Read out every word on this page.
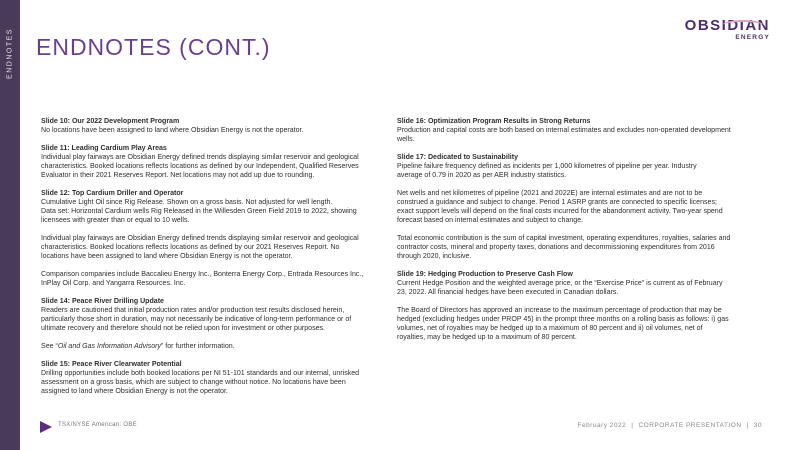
ENDNOTES ENDNOTES (CONT.)
OBSIDIAN
ENERGY

Slide 10: Our 2022 Development Program
No locations have been assigned to land where Obsidian Energy is not the operator.

Slide 11: Leading Cardium Play Areas
Individual play fairways are Obsidian Energy defined trends displaying similar reservoir and geological
characteristics. Booked locations reflects locations as defined by our Independent, Qualified Reserves
Evaluator in their 2021 Reserves Report. Net locations may not add up due to rounding.

Slide 12: Top Cardium Driller and Operator
Cumulative Light Oil since Rig Release. Shown on a gross basis. Not adjusted for well length.
Data set: Horizontal Cardium wells Rig Released in the Willesden Green Field 2019 to 2022, showing
licensees with greater than or equal to 10 wells.

Individual play fairways are Obsidian Energy defined trends displaying similar reservoir and geological
characteristics. Booked locations reflects locations as defined by our 2021 Reserves Report. No
locations have been assigned to land where Obsidian Energy is not the operator.

Comparison companies include Baccalieu Energy Inc., Bonterra Energy Corp., Entrada Resources Inc.,
InPlay Oil Corp. and Yangarra Resources. Inc.

Slide 14: Peace River Drilling Update
Readers are cautioned that initial production rates and/or production test results disclosed herein,
particularly those short in duration, may not necessarily be indicative of long-term performance or of
ultimate recovery and therefore should not be relied upon for investment or other purposes.

See “Oil and Gas Information Advisory” for further information.

Slide 15: Peace River Clearwater Potential
Drilling opportunities include both booked locations per NI 51-101 standards and our internal, unrisked
assessment on a gross basis, which are subject to change without notice. No locations have been
assigned to land where Obsidian Energy is not the operator.

Slide 16: Optimization Program Results in Strong Returns
Production and capital costs are both based on internal estimates and excludes non-operated development
wells.

Slide 17: Dedicated to Sustainability
Pipeline failure frequency defined as incidents per 1,000 kilometres of pipeline per year. Industry
average of 0.79 in 2020 as per AER industry statistics.

Net wells and net kilometres of pipeline (2021 and 2022E) are internal estimates and are not to be
construed a guidance and subject to change. Period 1 ASRP grants are connected to specific licenses;
exact support levels will depend on the final costs incurred for the abandonment activity. Two-year spend
forecast based on internal estimates and subject to change.

Total economic contribution is the sum of capital investment, operating expenditures, royalties, salaries and
contractor costs, mineral and property taxes, donations and decommissioning expenditures from 2016
through 2020, inclusive.

Slide 19: Hedging Production to Preserve Cash Flow
Current Hedge Position and the weighted average price, or the “Exercise Price” is current as of February
23, 2022. All financial hedges have been executed in Canadian dollars.

The Board of Directors has approved an increase to the maximum percentage of production that may be
hedged (excluding hedges under PROP 45) in the prompt three months on a rolling basis as follows: i) gas
volumes, net of royalties may be hedged up to a maximum of 80 percent and ii) oil volumes, net of
royalties, may be hedged up to a maximum of 80 percent.

TSX/NYSE American: OBE	February 2022 | CORPORATE PRESENTATION | 30
